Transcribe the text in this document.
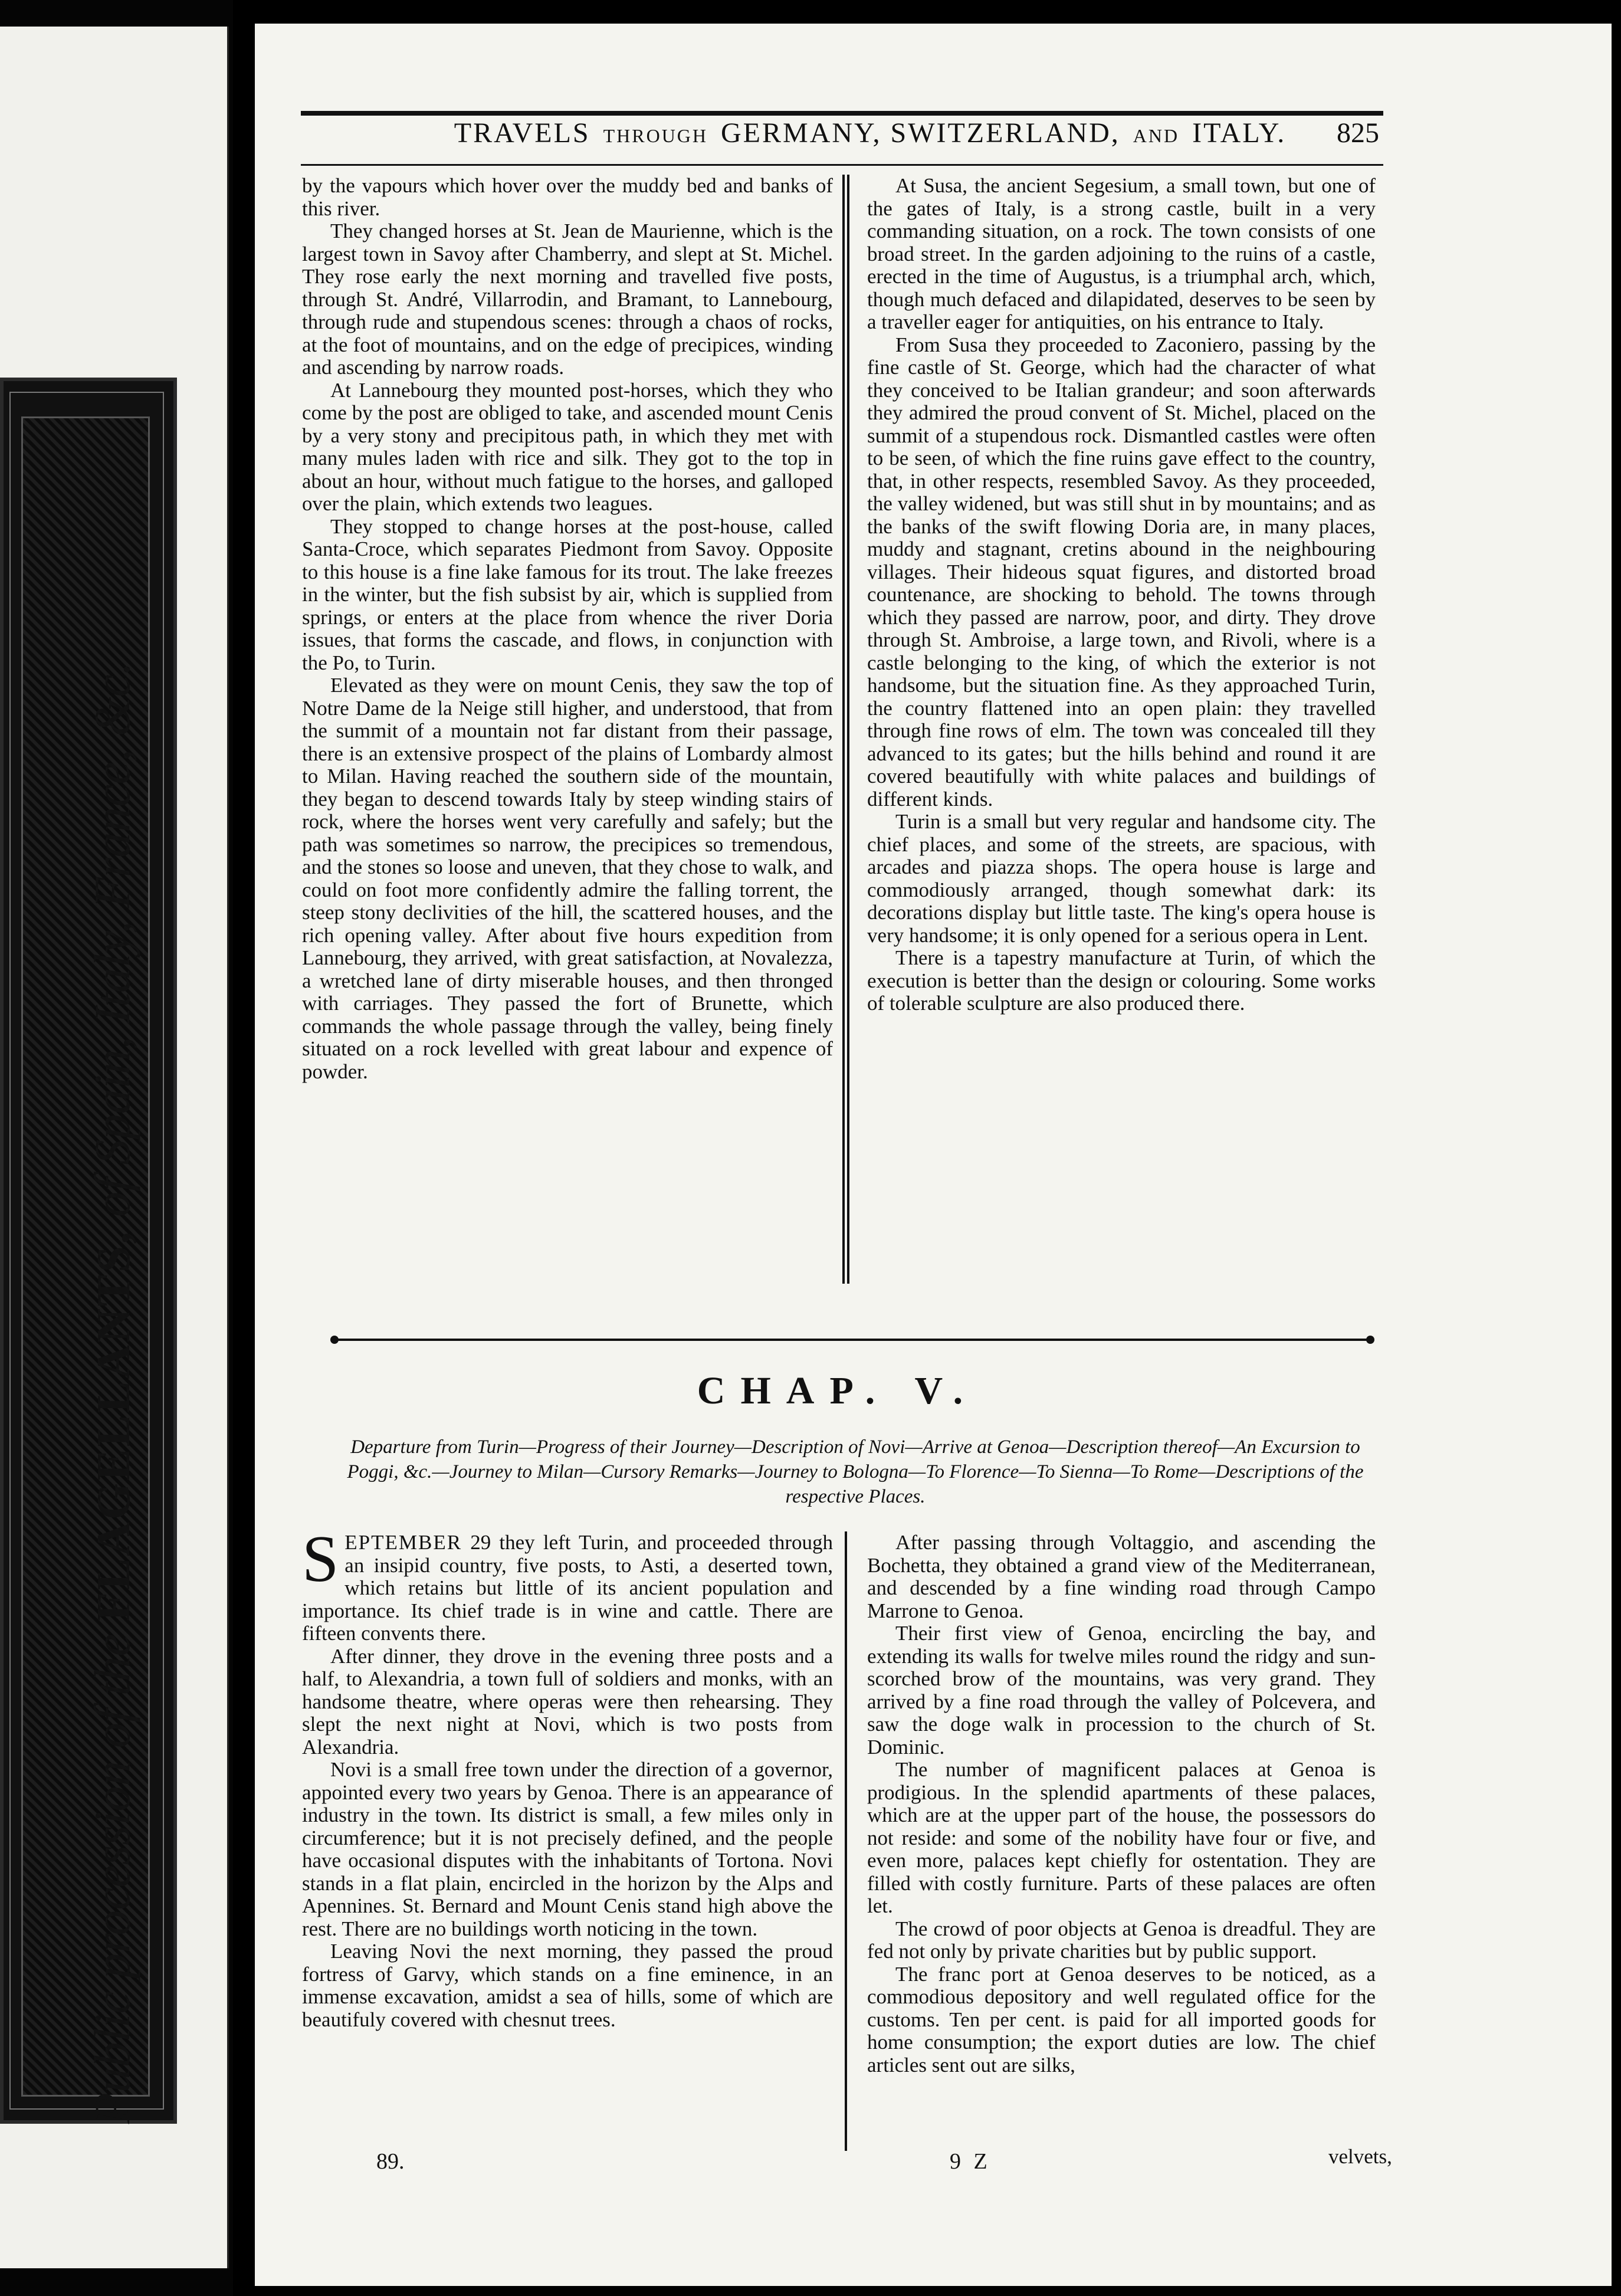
Public procession of the FLAGELLANTS, of Spain, Italy, France, &c.
TRAVELS THROUGH GERMANY, SWITZERLAND, AND ITALY. 825

by the vapours which hover over the muddy bed and banks of this river.

They changed horses at St. Jean de Maurienne, which is the largest town in Savoy after Chamberry, and slept at St. Michel. They rose early the next morning and travelled five posts, through St. André, Villarrodin, and Bramant, to Lannebourg, through rude and stupendous scenes: through a chaos of rocks, at the foot of mountains, and on the edge of precipices, winding and ascending by narrow roads.

At Lannebourg they mounted post-horses, which they who come by the post are obliged to take, and ascended mount Cenis by a very stony and precipitous path, in which they met with many mules laden with rice and silk. They got to the top in about an hour, without much fatigue to the horses, and galloped over the plain, which extends two leagues.

They stopped to change horses at the post-house, called Santa-Croce, which separates Piedmont from Savoy. Opposite to this house is a fine lake famous for its trout. The lake freezes in the winter, but the fish subsist by air, which is supplied from springs, or enters at the place from whence the river Doria issues, that forms the cascade, and flows, in conjunction with the Po, to Turin.

Elevated as they were on mount Cenis, they saw the top of Notre Dame de la Neige still higher, and understood, that from the summit of a mountain not far distant from their passage, there is an extensive prospect of the plains of Lombardy almost to Milan. Having reached the southern side of the mountain, they began to descend towards Italy by steep winding stairs of rock, where the horses went very carefully and safely; but the path was sometimes so narrow, the precipices so tremendous, and the stones so loose and uneven, that they chose to walk, and could on foot more confidently admire the falling torrent, the steep stony declivities of the hill, the scattered houses, and the rich opening valley. After about five hours expedition from Lannebourg, they arrived, with great satisfaction, at Novalezza, a wretched lane of dirty miserable houses, and then thronged with carriages. They passed the fort of Brunette, which commands the whole passage through the valley, being finely situated on a rock levelled with great labour and expence of powder.

At Susa, the ancient Segesium, a small town, but one of the gates of Italy, is a strong castle, built in a very commanding situation, on a rock. The town consists of one broad street. In the garden adjoining to the ruins of a castle, erected in the time of Augustus, is a triumphal arch, which, though much defaced and dilapidated, deserves to be seen by a traveller eager for antiquities, on his entrance to Italy.

From Susa they proceeded to Zaconiero, passing by the fine castle of St. George, which had the character of what they conceived to be Italian grandeur; and soon afterwards they admired the proud convent of St. Michel, placed on the summit of a stupendous rock. Dismantled castles were often to be seen, of which the fine ruins gave effect to the country, that, in other respects, resembled Savoy. As they proceeded, the valley widened, but was still shut in by mountains; and as the banks of the swift flowing Doria are, in many places, muddy and stagnant, cretins abound in the neighbouring villages. Their hideous squat figures, and distorted broad countenance, are shocking to behold. The towns through which they passed are narrow, poor, and dirty. They drove through St. Ambroise, a large town, and Rivoli, where is a castle belonging to the king, of which the exterior is not handsome, but the situation fine. As they approached Turin, the country flattened into an open plain: they travelled through fine rows of elm. The town was concealed till they advanced to its gates; but the hills behind and round it are covered beautifully with white palaces and buildings of different kinds.

Turin is a small but very regular and handsome city. The chief places, and some of the streets, are spacious, with arcades and piazza shops. The opera house is large and commodiously arranged, though somewhat dark: its decorations display but little taste. The king's opera house is very handsome; it is only opened for a serious opera in Lent.

There is a tapestry manufacture at Turin, of which the execution is better than the design or colouring. Some works of tolerable sculpture are also produced there.

CHAP. V.
Departure from Turin—Progress of their Journey—Description of Novi—Arrive at Genoa—Description thereof—An Excursion to Poggi, &c.—Journey to Milan—Cursory Remarks—Journey to Bologna—To Florence—To Sienna—To Rome—Descriptions of the respective Places.

SEPTEMBER 29 they left Turin, and proceeded through an insipid country, five posts, to Asti, a deserted town, which retains but little of its ancient population and importance. Its chief trade is in wine and cattle. There are fifteen convents there.

After dinner, they drove in the evening three posts and a half, to Alexandria, a town full of soldiers and monks, with an handsome theatre, where operas were then rehearsing. They slept the next night at Novi, which is two posts from Alexandria.

Novi is a small free town under the direction of a governor, appointed every two years by Genoa. There is an appearance of industry in the town. Its district is small, a few miles only in circumference; but it is not precisely defined, and the people have occasional disputes with the inhabitants of Tortona. Novi stands in a flat plain, encircled in the horizon by the Alps and Apennines. St. Bernard and Mount Cenis stand high above the rest. There are no buildings worth noticing in the town.

Leaving Novi the next morning, they passed the proud fortress of Garvy, which stands on a fine eminence, in an immense excavation, amidst a sea of hills, some of which are beautifuly covered with chesnut trees.

After passing through Voltaggio, and ascending the Bochetta, they obtained a grand view of the Mediterranean, and descended by a fine winding road through Campo Marrone to Genoa.

Their first view of Genoa, encircling the bay, and extending its walls for twelve miles round the ridgy and sun-scorched brow of the mountains, was very grand. They arrived by a fine road through the valley of Polcevera, and saw the doge walk in procession to the church of St. Dominic.

The number of magnificent palaces at Genoa is prodigious. In the splendid apartments of these palaces, which are at the upper part of the house, the possessors do not reside: and some of the nobility have four or five, and even more, palaces kept chiefly for ostentation. They are filled with costly furniture. Parts of these palaces are often let.

The crowd of poor objects at Genoa is dreadful. They are fed not only by private charities but by public support.

The franc port at Genoa deserves to be noticed, as a commodious depository and well regulated office for the customs. Ten per cent. is paid for all imported goods for home consumption; the export duties are low. The chief articles sent out are silks,

89.	9 Z	velvets,
